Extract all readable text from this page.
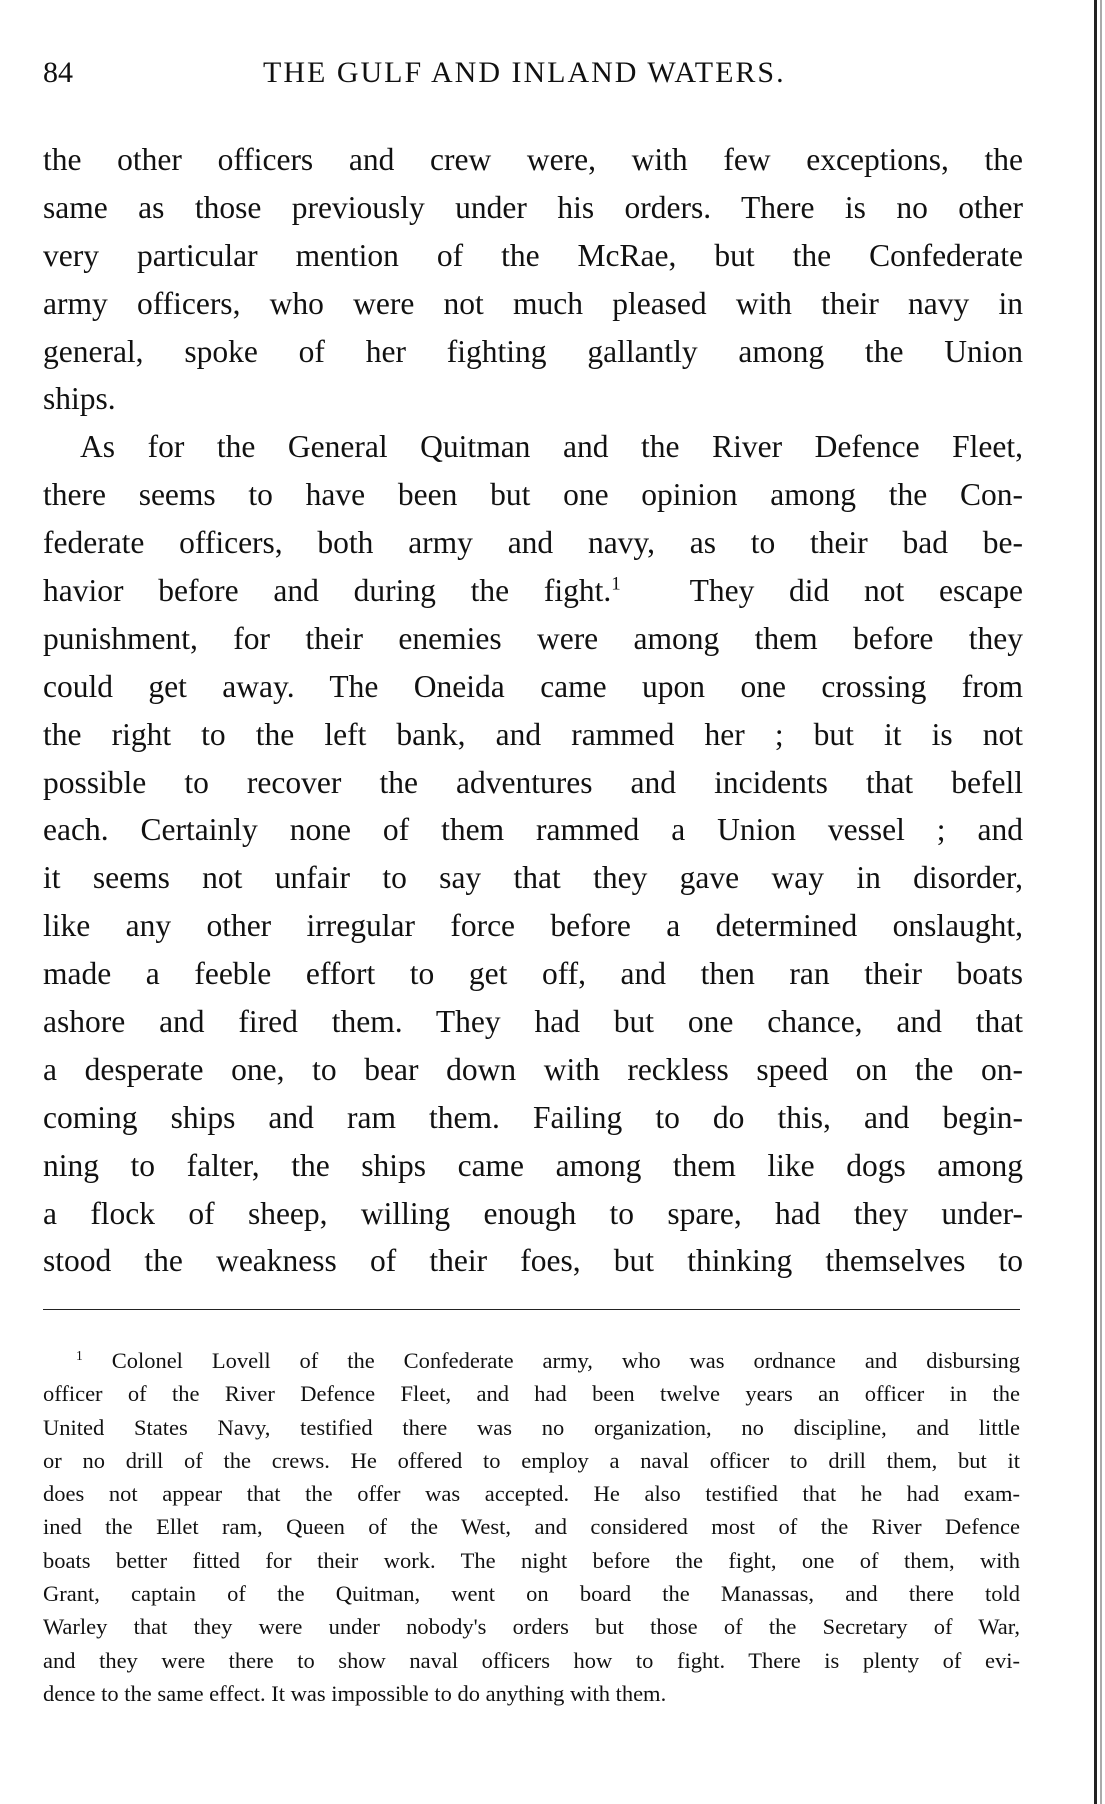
84	THE GULF AND INLAND WATERS.
the other officers and crew were, with few exceptions, the
same as those previously under his orders. There is no other
very particular mention of the McRae, but the Confederate
army officers, who were not much pleased with their navy in
general, spoke of her fighting gallantly among the Union
ships.
As for the General Quitman and the River Defence Fleet,
there seems to have been but one opinion among the Con-
federate officers, both army and navy, as to their bad be-
havior before and during the fight.$^1$ They did not escape
punishment, for their enemies were among them before they
could get away. The Oneida came upon one crossing from
the right to the left bank, and rammed her ; but it is not
possible to recover the adventures and incidents that befell
each. Certainly none of them rammed a Union vessel ; and
it seems not unfair to say that they gave way in disorder,
like any other irregular force before a determined onslaught,
made a feeble effort to get off, and then ran their boats
ashore and fired them. They had but one chance, and that
a desperate one, to bear down with reckless speed on the on-
coming ships and ram them. Failing to do this, and begin-
ning to falter, the ships came among them like dogs among
a flock of sheep, willing enough to spare, had they under-
stood the weakness of their foes, but thinking themselves to
$^1$ Colonel Lovell of the Confederate army, who was ordnance and disbursing
officer of the River Defence Fleet, and had been twelve years an officer in the
United States Navy, testified there was no organization, no discipline, and little
or no drill of the crews. He offered to employ a naval officer to drill them, but it
does not appear that the offer was accepted. He also testified that he had exam-
ined the Ellet ram, Queen of the West, and considered most of the River Defence
boats better fitted for their work. The night before the fight, one of them, with
Grant, captain of the Quitman, went on board the Manassas, and there told
Warley that they were under nobody's orders but those of the Secretary of War,
and they were there to show naval officers how to fight. There is plenty of evi-
dence to the same effect. It was impossible to do anything with them.
